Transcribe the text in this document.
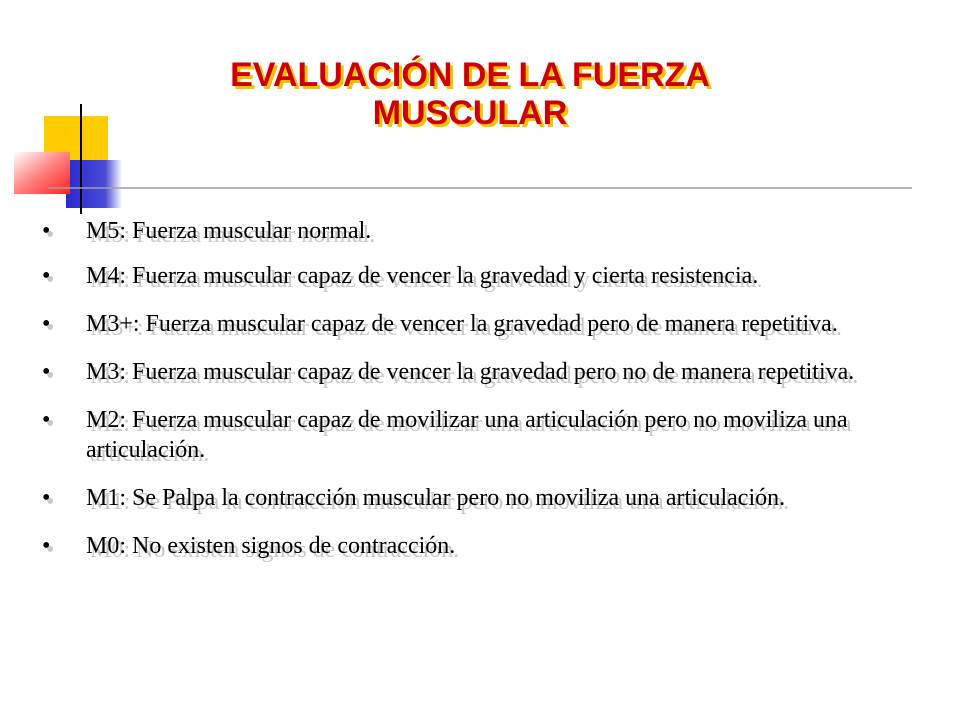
EVALUACIÓN DE LA FUERZA
MUSCULAR
• M5: Fuerza muscular normal.
• M4: Fuerza muscular capaz de vencer la gravedad y cierta resistencia.
• M3+: Fuerza muscular capaz de vencer la gravedad pero de manera repetitiva.
• M3: Fuerza muscular capaz de vencer la gravedad pero no de manera repetitiva.
• M2: Fuerza muscular capaz de movilizar una articulación pero no moviliza una articulación.
• M1: Se Palpa la contracción muscular pero no moviliza una articulación.
• M0: No existen signos de contracción.
